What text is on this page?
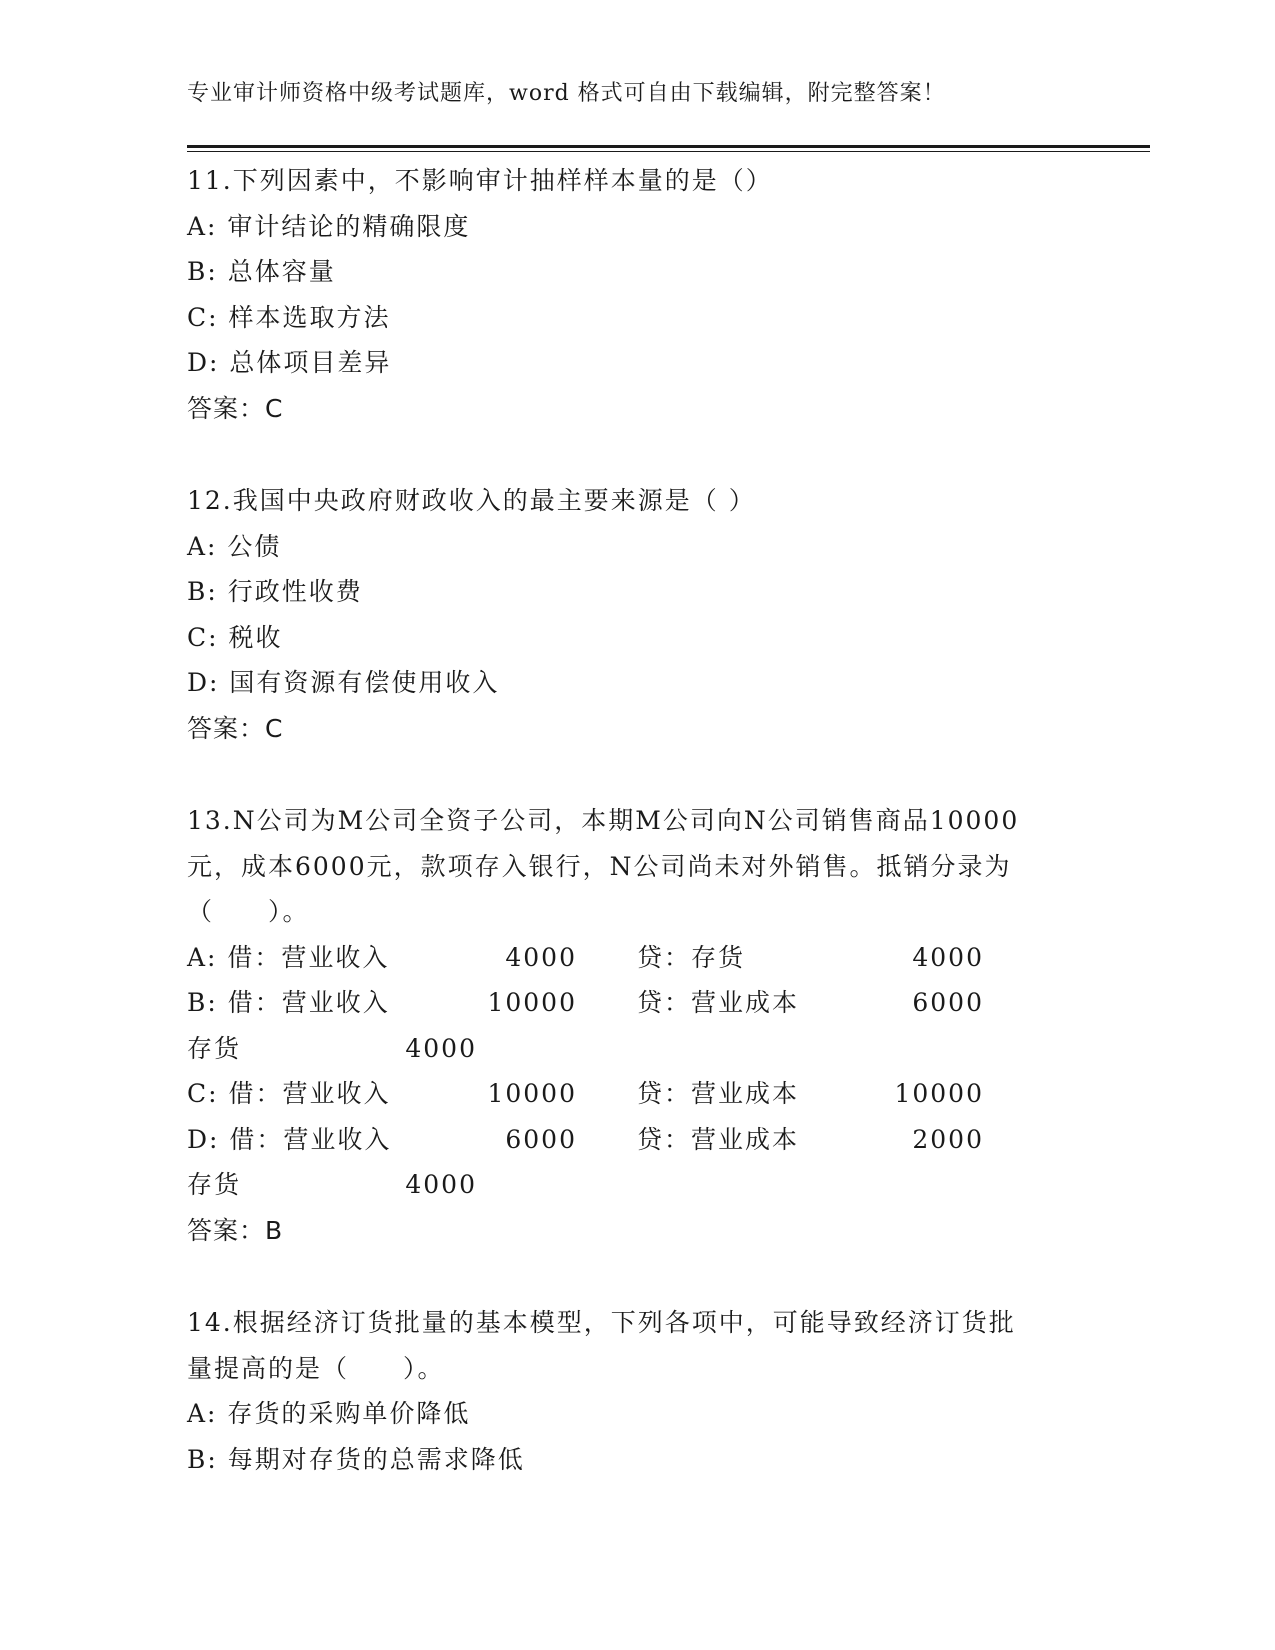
专业审计师资格中级考试题库，word 格式可自由下载编辑，附完整答案！
11.下列因素中，不影响审计抽样样本量的是（）
A: 审计结论的精确限度
B: 总体容量
C: 样本选取方法
D: 总体项目差异
答案：C
12.我国中央政府财政收入的最主要来源是（ ）
A: 公债
B: 行政性收费
C: 税收
D: 国有资源有偿使用收入
答案：C
13.N公司为M公司全资子公司，本期M公司向N公司销售商品10000
元，成本6000元，款项存入银行，N公司尚未对外销售。抵销分录为
（　　）。
A: 借：营业收入	4000 贷：存货	4000
B: 借：营业收入	10000 贷：营业成本	6000
存货	4000
C: 借：营业收入	10000 贷：营业成本	10000
D: 借：营业收入	6000 贷：营业成本	2000
存货	4000
答案：B
14.根据经济订货批量的基本模型，下列各项中，可能导致经济订货批
量提高的是（　　）。
A: 存货的采购单价降低
B: 每期对存货的总需求降低
